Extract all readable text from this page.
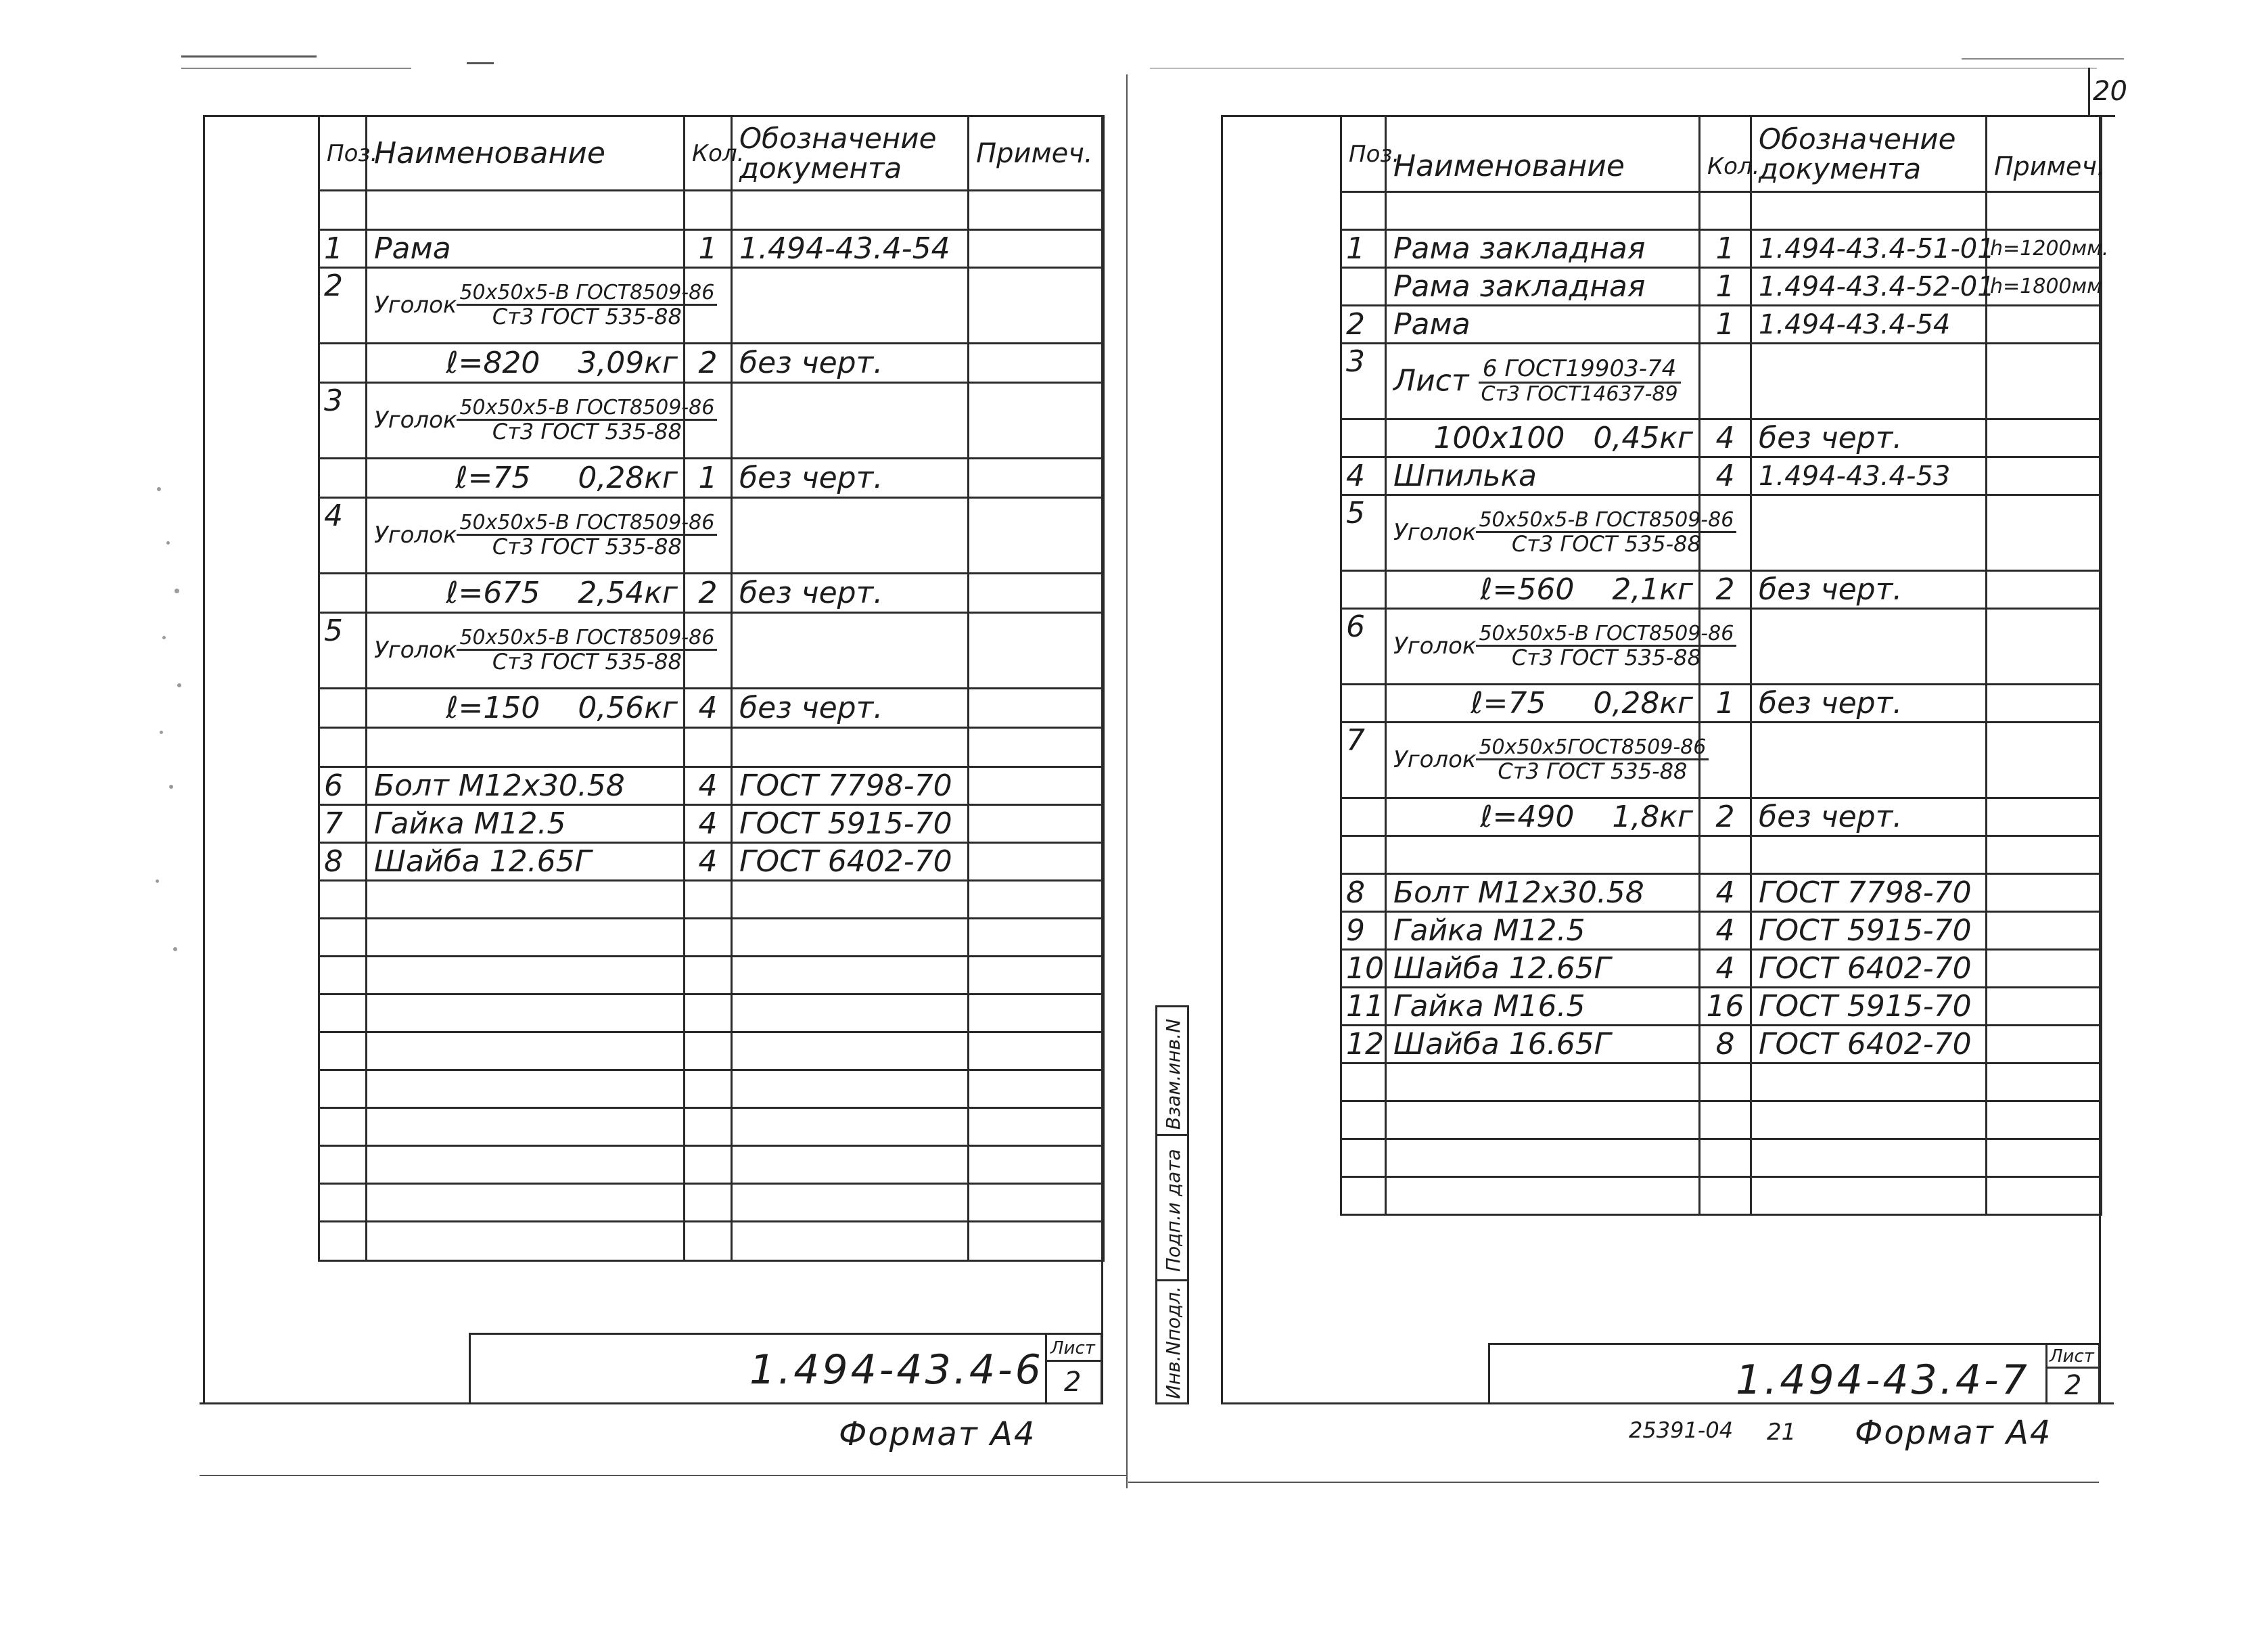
Поз.	Наименование	Кол.	Обозначение документа	Примеч.

1	Рама	1	1.494-43.4-54	
2	Уголок $\frac{\text{50х50х5-В ГОСТ8509-86}}{\text{Ст3 ГОСТ 535-88}}$

	ℓ=820    3,09кг	2	без черт.	
3	Уголок $\frac{\text{50х50х5-В ГОСТ8509-86}}{\text{Ст3 ГОСТ 535-88}}$

	ℓ=75     0,28кг	1	без черт.	
4	Уголок $\frac{\text{50х50х5-В ГОСТ8509-86}}{\text{Ст3 ГОСТ 535-88}}$

	ℓ=675    2,54кг	2	без черт.	
5	Уголок $\frac{\text{50х50х5-В ГОСТ8509-86}}{\text{Ст3 ГОСТ 535-88}}$

	ℓ=150    0,56кг	4	без черт.	

6	Болт М12х30.58	4	ГОСТ 7798-70	
7	Гайка М12.5	4	ГОСТ 5915-70	
8	Шайба 12.65Г	4	ГОСТ 6402-70	

1.494-43.4-6 Лист
2
Формат А4
20
Поз.	Наименование	Кол.	Обозначение документа	Примеч.

1	Рама закладная	1	1.494-43.4-51-01	h=1200мм.
	Рама закладная	1	1.494-43.4-52-01	h=1800мм
2	Рама	1	1.494-43.4-54	
3	Лист $\frac{\text{6 ГОСТ19903-74}}{\text{Ст3 ГОСТ14637-89}}$

	100х100   0,45кг	4	без черт.	
4	Шпилька	4	1.494-43.4-53	
5	Уголок $\frac{\text{50х50х5-В ГОСТ8509-86}}{\text{Ст3 ГОСТ 535-88}}$

	ℓ=560    2,1кг	2	без черт.	
6	Уголок $\frac{\text{50х50х5-В ГОСТ8509-86}}{\text{Ст3 ГОСТ 535-88}}$

	ℓ=75     0,28кг	1	без черт.	
7	Уголок $\frac{\text{50х50х5ГОСТ8509-86}}{\text{Ст3 ГОСТ 535-88}}$

	ℓ=490    1,8кг	2	без черт.	

8	Болт М12х30.58	4	ГОСТ 7798-70	
9	Гайка М12.5	4	ГОСТ 5915-70	
10	Шайба 12.65Г	4	ГОСТ 6402-70	
11	Гайка М16.5	16	ГОСТ 5915-70	
12	Шайба 16.65Г	8	ГОСТ 6402-70	

Взам.инв.N
Подп.и дата
Инв.Nподл.	1.494-43.4-7 Лист
2
25391-04 21 Формат А4
